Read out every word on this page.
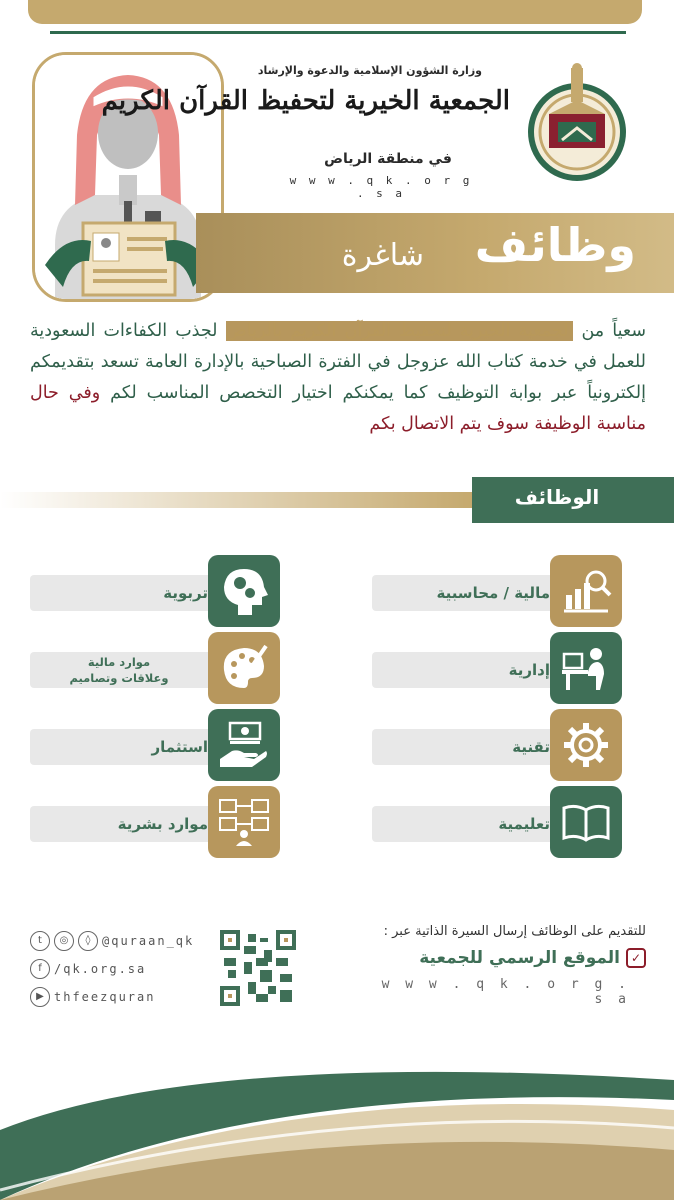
وزارة الشؤون الإسلامية والدعوة والإرشاد
الجمعية الخيرية لتحفيظ القرآن الكريم
في منطقة الرياض
w w w . q k . o r g . s a
وظائف
شاغرة
سعياً من الجمعية الخيرية لتحفيظ القرآن الكريم بالرياض لجذب الكفاءات السعودية للعمل في خدمة كتاب الله عزوجل في الفترة الصباحية بالإدارة العامة تسعد بتقديمكم إلكترونياً عبر بوابة التوظيف كما يمكنكم اختيار التخصص المناسب لكم وفي حال مناسبة الوظيفة سوف يتم الاتصال بكم
الوظائف
مالية / محاسبية
إدارية
تقنية
تعليمية
تربوية
موارد مالية
وعلاقات وتصاميم
استثمار
موارد بشرية
للتقديم على الوظائف إرسال السيرة الذاتية عبر :
✓الموقع الرسمي للجمعية
w w w . q k . o r g . s a
t ◎ ◊ @quraan_qk
f /qk.org.sa
▶ thfeezquran
